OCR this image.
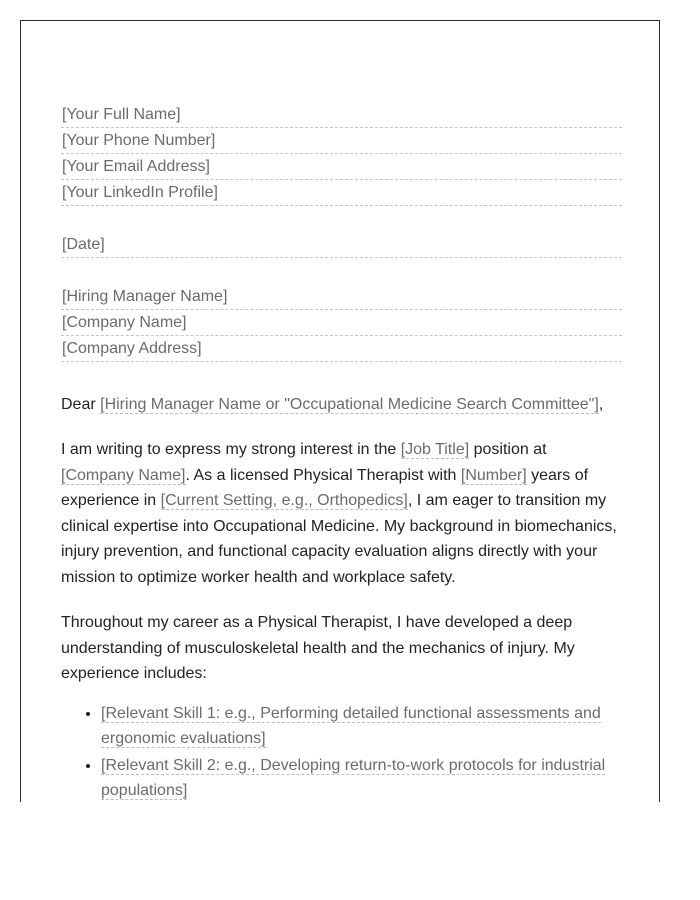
[Your Full Name]
[Your Phone Number]
[Your Email Address]
[Your LinkedIn Profile]
[Date]
[Hiring Manager Name]
[Company Name]
[Company Address]

Dear [Hiring Manager Name or "Occupational Medicine Search Committee"],

I am writing to express my strong interest in the [Job Title] position at [Company Name]. As a licensed Physical Therapist with [Number] years of experience in [Current Setting, e.g., Orthopedics], I am eager to transition my clinical expertise into Occupational Medicine. My background in biomechanics, injury prevention, and functional capacity evaluation aligns directly with your mission to optimize worker health and workplace safety.

Throughout my career as a Physical Therapist, I have developed a deep understanding of musculoskeletal health and the mechanics of injury. My experience includes:

• [Relevant Skill 1: e.g., Performing detailed functional assessments and ergonomic evaluations]
• [Relevant Skill 2: e.g., Developing return-to-work protocols for industrial populations]
